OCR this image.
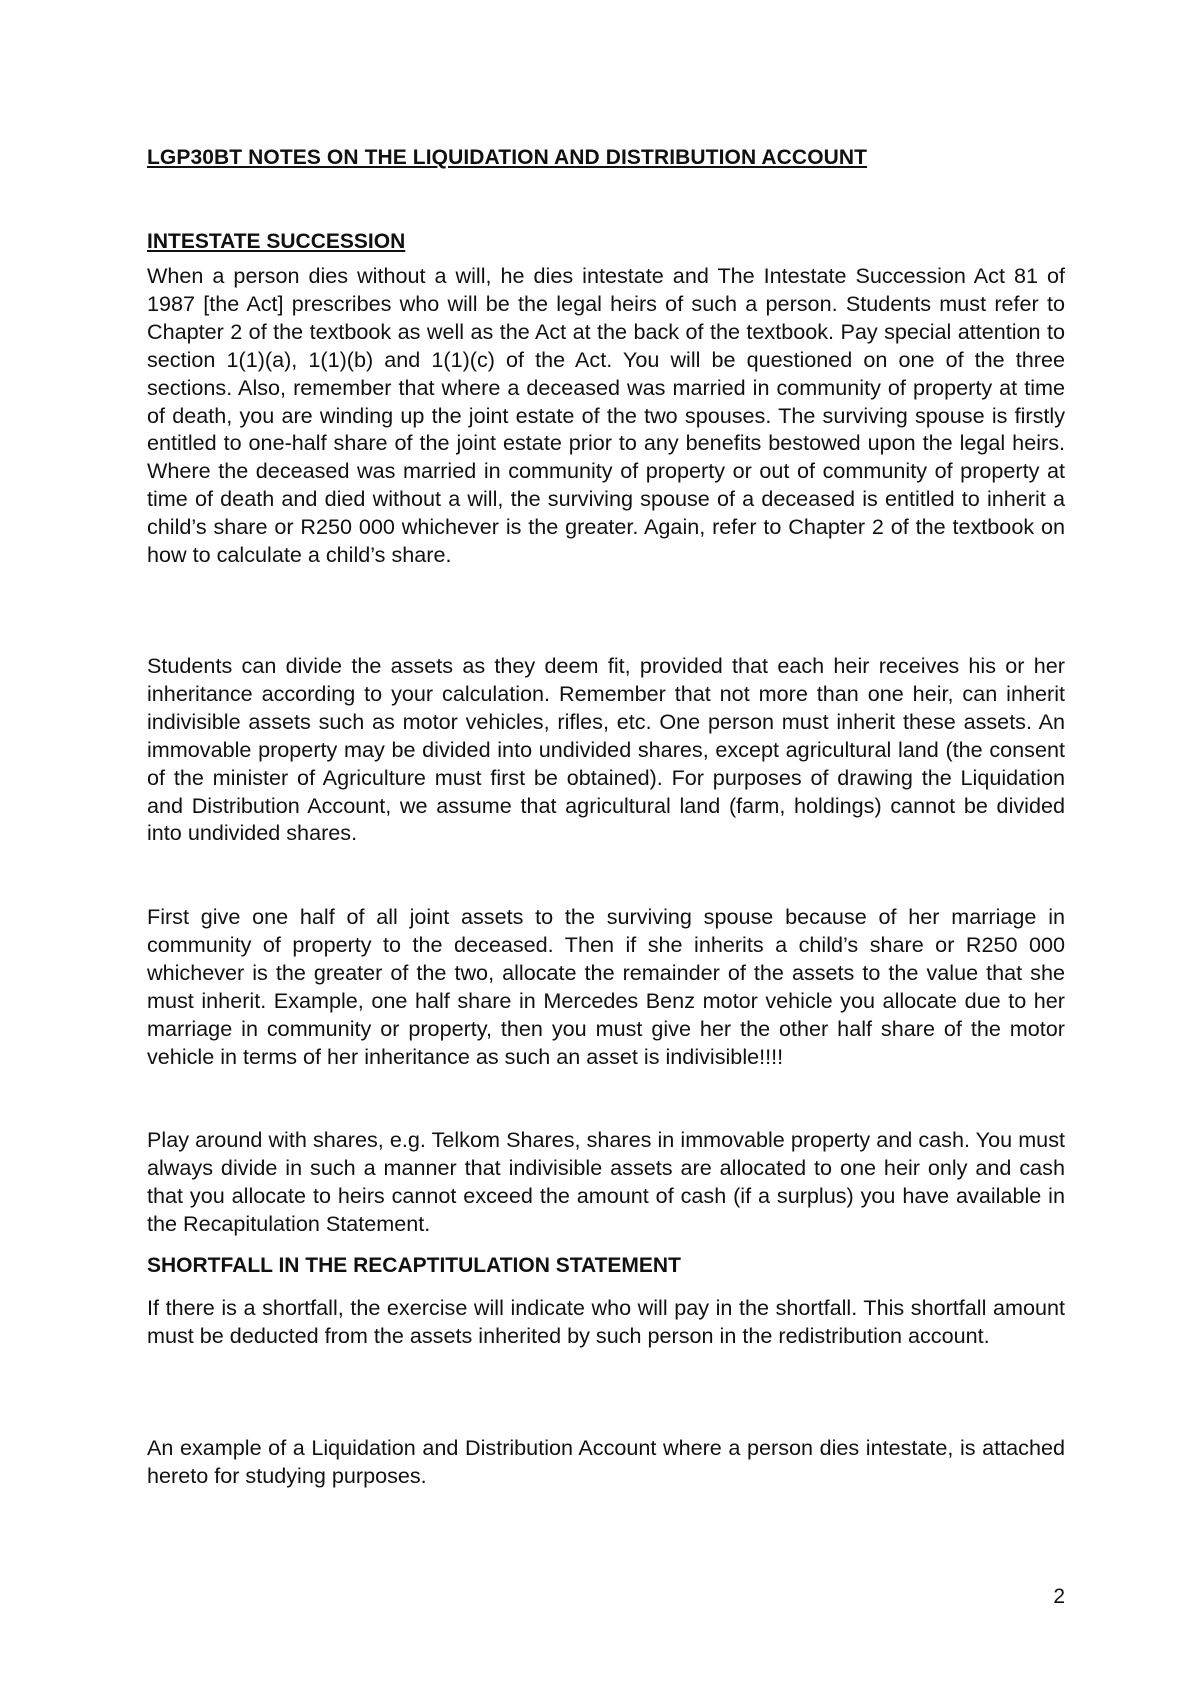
LGP30BT NOTES ON THE LIQUIDATION AND DISTRIBUTION ACCOUNT
INTESTATE SUCCESSION

When a person dies without a will, he dies intestate and The Intestate Succession Act 81 of 1987 [the Act] prescribes who will be the legal heirs of such a person. Students must refer to Chapter 2 of the textbook as well as the Act at the back of the textbook. Pay special attention to section 1(1)(a), 1(1)(b) and 1(1)(c) of the Act. You will be questioned on one of the three sections. Also, remember that where a deceased was married in community of property at time of death, you are winding up the joint estate of the two spouses. The surviving spouse is firstly entitled to one-half share of the joint estate prior to any benefits bestowed upon the legal heirs. Where the deceased was married in community of property or out of community of property at time of death and died without a will, the surviving spouse of a deceased is entitled to inherit a child’s share or R250 000 whichever is the greater. Again, refer to Chapter 2 of the textbook on how to calculate a child’s share.

Students can divide the assets as they deem fit, provided that each heir receives his or her inheritance according to your calculation. Remember that not more than one heir, can inherit indivisible assets such as motor vehicles, rifles, etc. One person must inherit these assets. An immovable property may be divided into undivided shares, except agricultural land (the consent of the minister of Agriculture must first be obtained). For purposes of drawing the Liquidation and Distribution Account, we assume that agricultural land (farm, holdings) cannot be divided into undivided shares.

First give one half of all joint assets to the surviving spouse because of her marriage in community of property to the deceased. Then if she inherits a child’s share or R250 000 whichever is the greater of the two, allocate the remainder of the assets to the value that she must inherit. Example, one half share in Mercedes Benz motor vehicle you allocate due to her marriage in community or property, then you must give her the other half share of the motor vehicle in terms of her inheritance as such an asset is indivisible!!!!

Play around with shares, e.g. Telkom Shares, shares in immovable property and cash. You must always divide in such a manner that indivisible assets are allocated to one heir only and cash that you allocate to heirs cannot exceed the amount of cash (if a surplus) you have available in the Recapitulation Statement.

SHORTFALL IN THE RECAPTITULATION STATEMENT

If there is a shortfall, the exercise will indicate who will pay in the shortfall. This shortfall amount must be deducted from the assets inherited by such person in the redistribution account.

An example of a Liquidation and Distribution Account where a person dies intestate, is attached hereto for studying purposes.

2
